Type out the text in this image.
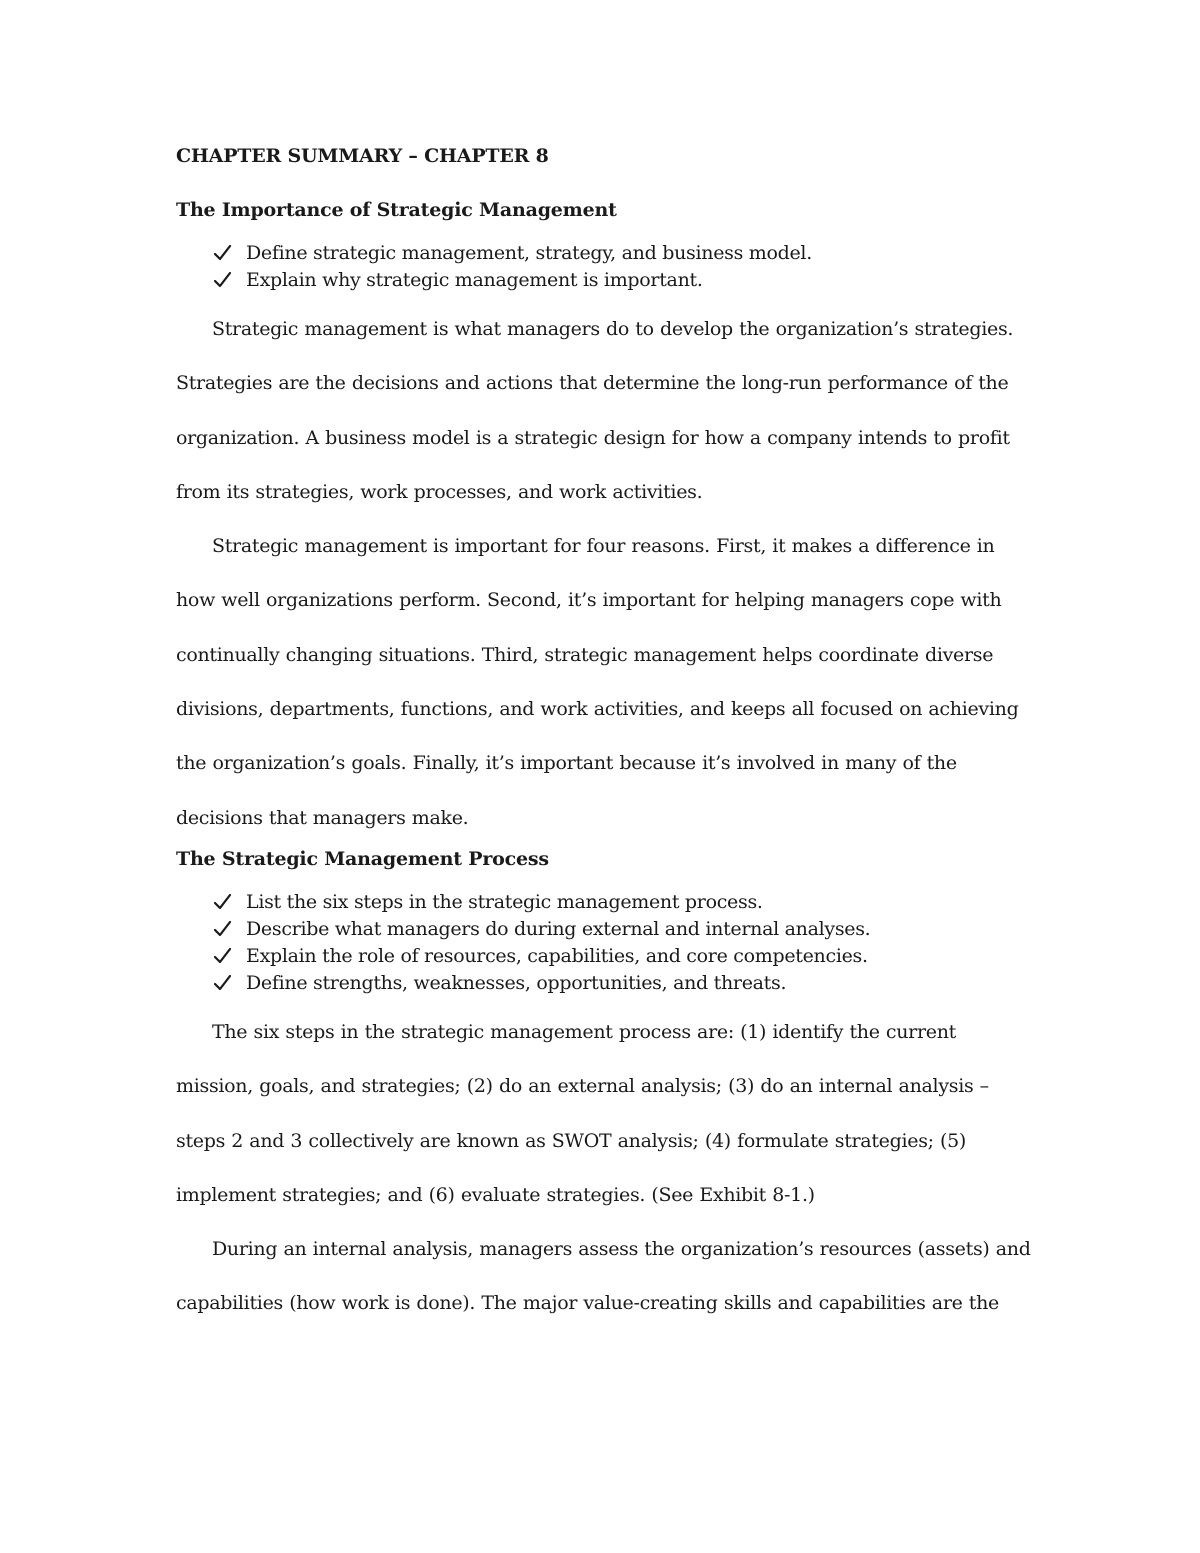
CHAPTER SUMMARY – CHAPTER 8
The Importance of Strategic Management
Define strategic management, strategy, and business model.
Explain why strategic management is important.
Strategic management is what managers do to develop the organization’s strategies.
Strategies are the decisions and actions that determine the long-run performance of the
organization. A business model is a strategic design for how a company intends to profit
from its strategies, work processes, and work activities.
Strategic management is important for four reasons. First, it makes a difference in
how well organizations perform. Second, it’s important for helping managers cope with
continually changing situations. Third, strategic management helps coordinate diverse
divisions, departments, functions, and work activities, and keeps all focused on achieving
the organization’s goals. Finally, it’s important because it’s involved in many of the
decisions that managers make.
The Strategic Management Process
List the six steps in the strategic management process.
Describe what managers do during external and internal analyses.
Explain the role of resources, capabilities, and core competencies.
Define strengths, weaknesses, opportunities, and threats.
The six steps in the strategic management process are: (1) identify the current
mission, goals, and strategies; (2) do an external analysis; (3) do an internal analysis –
steps 2 and 3 collectively are known as SWOT analysis; (4) formulate strategies; (5)
implement strategies; and (6) evaluate strategies. (See Exhibit 8-1.)
During an internal analysis, managers assess the organization’s resources (assets) and
capabilities (how work is done). The major value-creating skills and capabilities are the
